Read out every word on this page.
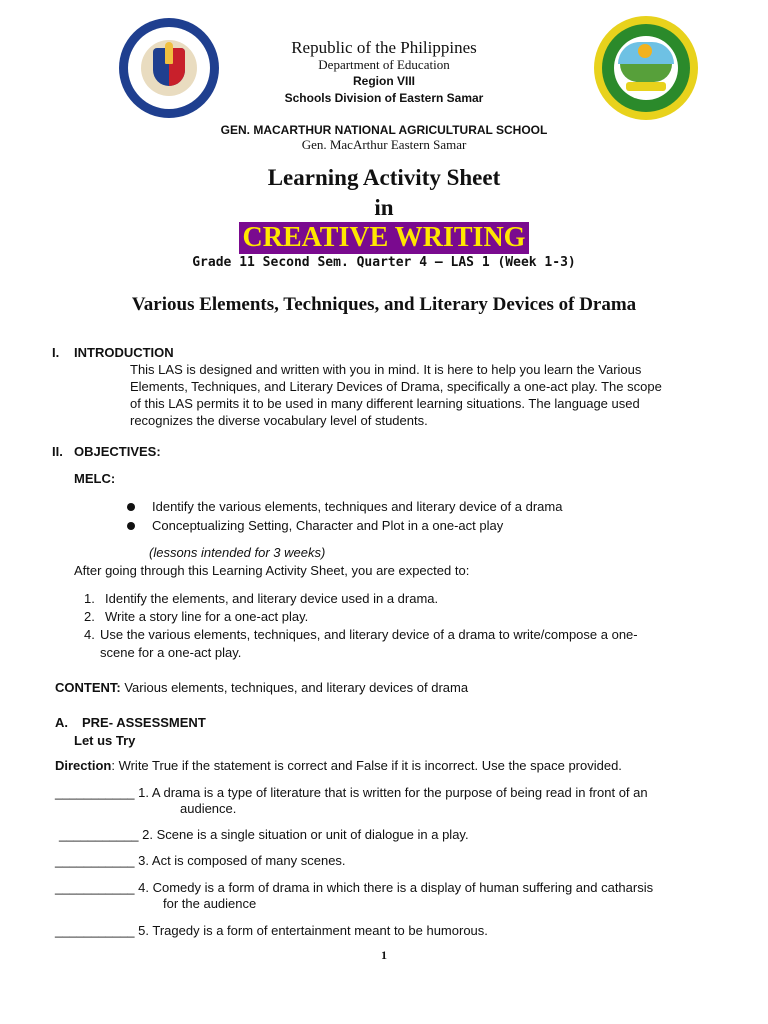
Republic of the Philippines
Department of Education
Region VIII
Schools Division of Eastern Samar
GEN. MACARTHUR NATIONAL AGRICULTURAL SCHOOL
Gen. MacArthur Eastern Samar
Learning Activity Sheet
in
CREATIVE WRITING
Grade 11 Second Sem. Quarter 4 – LAS 1 (Week 1-3)
Various Elements, Techniques, and Literary Devices of Drama
I. INTRODUCTION
This LAS is designed and written with you in mind. It is here to help you learn the Various
Elements, Techniques, and Literary Devices of Drama, specifically a one-act play. The scope
of this LAS permits it to be used in many different learning situations. The language used
recognizes the diverse vocabulary level of students.
II. OBJECTIVES:
MELC:
Identify the various elements, techniques and literary device of a drama
Conceptualizing Setting, Character and Plot in a one-act play
(lessons intended for 3 weeks)
After going through this Learning Activity Sheet, you are expected to:
1. Identify the elements, and literary device used in a drama.
2. Write a story line for a one-act play.
4. Use the various elements, techniques, and literary device of a drama to write/compose a one-
scene for a one-act play.
CONTENT: Various elements, techniques, and literary devices of drama
A. PRE- ASSESSMENT
Let us Try
Direction: Write True if the statement is correct and False if it is incorrect. Use the space provided.
___________ 1. A drama is a type of literature that is written for the purpose of being read in front of an
audience.
___________ 2. Scene is a single situation or unit of dialogue in a play.
___________ 3. Act is composed of many scenes.
___________ 4. Comedy is a form of drama in which there is a display of human suffering and catharsis
for the audience
___________ 5. Tragedy is a form of entertainment meant to be humorous.
1
